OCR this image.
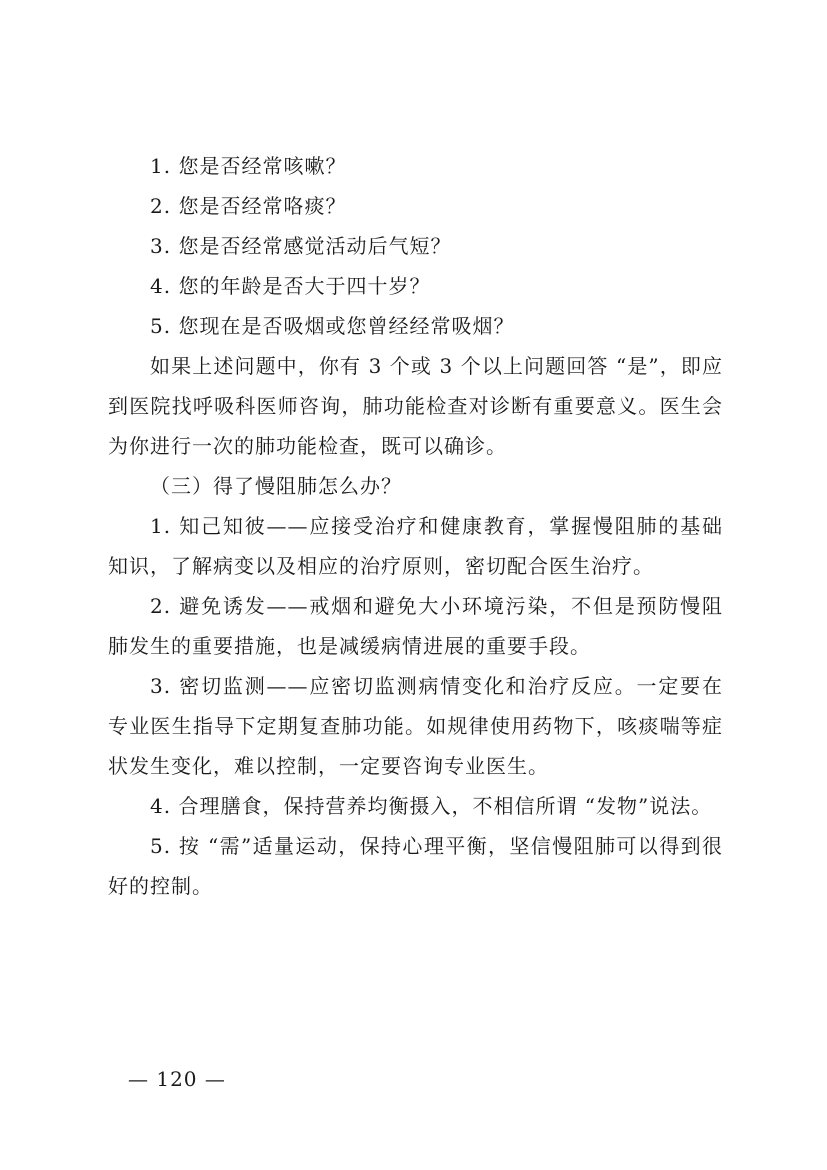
1. 您是否经常咳嗽？

2. 您是否经常咯痰？

3. 您是否经常感觉活动后气短？

4. 您的年龄是否大于四十岁？

5. 您现在是否吸烟或您曾经经常吸烟？

如果上述问题中，你有 3 个或 3 个以上问题回答 “是”，即应到医院找呼吸科医师咨询，肺功能检查对诊断有重要意义。医生会为你进行一次的肺功能检查，既可以确诊。

（三）得了慢阻肺怎么办？

1. 知己知彼——应接受治疗和健康教育，掌握慢阻肺的基础知识，了解病变以及相应的治疗原则，密切配合医生治疗。

2. 避免诱发——戒烟和避免大小环境污染，不但是预防慢阻肺发生的重要措施，也是减缓病情进展的重要手段。

3. 密切监测——应密切监测病情变化和治疗反应。一定要在专业医生指导下定期复查肺功能。如规律使用药物下，咳痰喘等症状发生变化，难以控制，一定要咨询专业医生。

4. 合理膳食，保持营养均衡摄入，不相信所谓 “发物”说法。

5. 按 “需”适量运动，保持心理平衡，坚信慢阻肺可以得到很好的控制。

— 120 —
